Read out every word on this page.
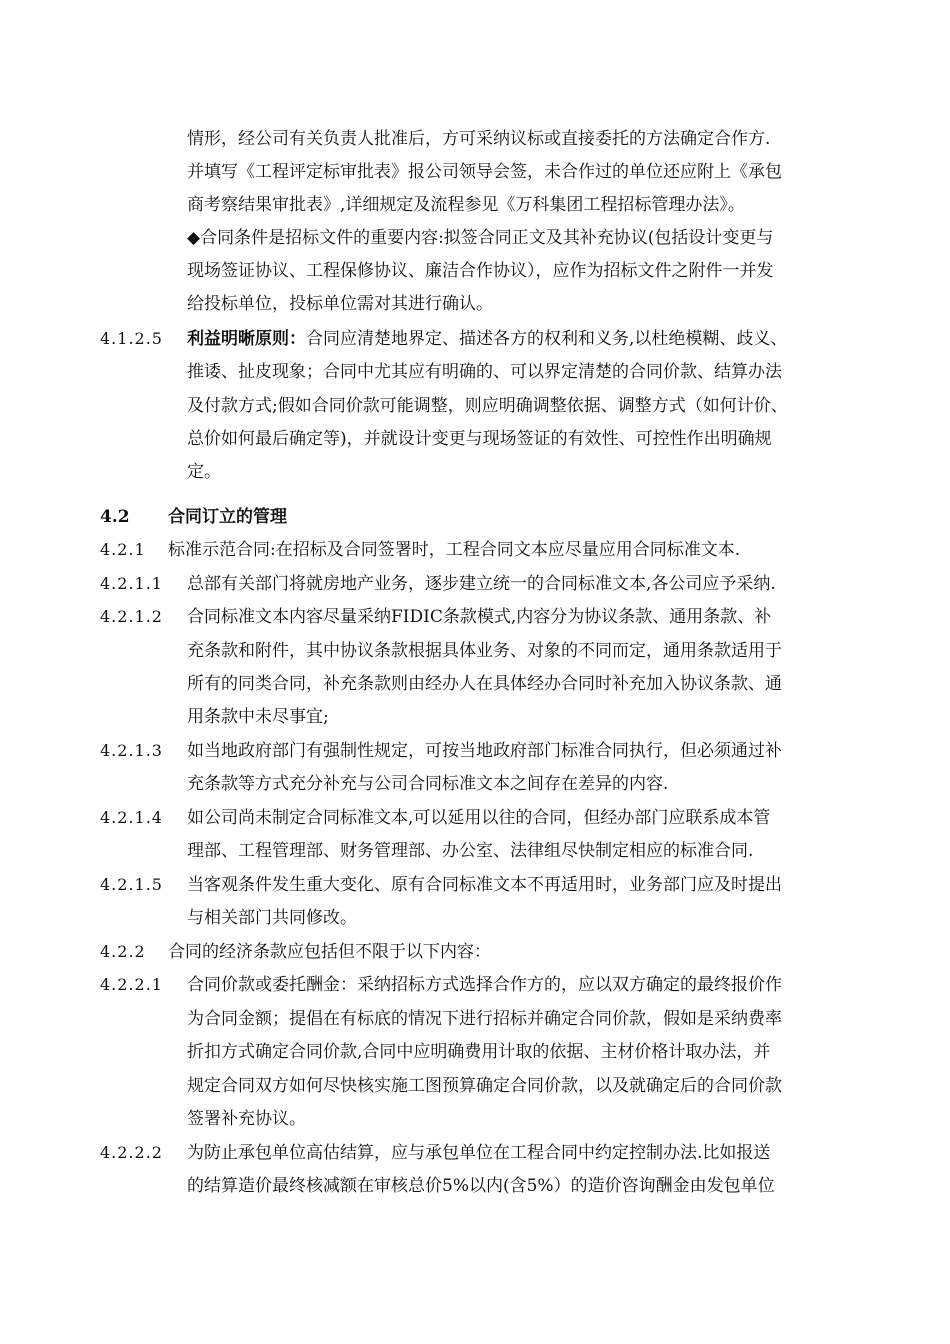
情形，经公司有关负责人批准后，方可采纳议标或直接委托的方法确定合作方.
并填写《工程评定标审批表》报公司领导会签，未合作过的单位还应附上《承包
商考察结果审批表》,详细规定及流程参见《万科集团工程招标管理办法》。
◆合同条件是招标文件的重要内容:拟签合同正文及其补充协议(包括设计变更与
现场签证协议、工程保修协议、廉洁合作协议），应作为招标文件之附件一并发
给投标单位，投标单位需对其进行确认。
4.1.2.5 利益明晰原则：合同应清楚地界定、描述各方的权利和义务,以杜绝模糊、歧义、
推诿、扯皮现象；合同中尤其应有明确的、可以界定清楚的合同价款、结算办法
及付款方式;假如合同价款可能调整，则应明确调整依据、调整方式（如何计价、
总价如何最后确定等)，并就设计变更与现场签证的有效性、可控性作出明确规
定。
4.2 合同订立的管理
4.2.1 标准示范合同:在招标及合同签署时，工程合同文本应尽量应用合同标准文本.
4.2.1.1 总部有关部门将就房地产业务，逐步建立统一的合同标准文本,各公司应予采纳.
4.2.1.2 合同标准文本内容尽量采纳FIDIC条款模式,内容分为协议条款、通用条款、补
充条款和附件，其中协议条款根据具体业务、对象的不同而定，通用条款适用于
所有的同类合同，补充条款则由经办人在具体经办合同时补充加入协议条款、通
用条款中未尽事宜;
4.2.1.3 如当地政府部门有强制性规定，可按当地政府部门标准合同执行，但必须通过补
充条款等方式充分补充与公司合同标准文本之间存在差异的内容.
4.2.1.4 如公司尚未制定合同标准文本,可以延用以往的合同，但经办部门应联系成本管
理部、工程管理部、财务管理部、办公室、法律组尽快制定相应的标准合同.
4.2.1.5 当客观条件发生重大变化、原有合同标准文本不再适用时，业务部门应及时提出
与相关部门共同修改。
4.2.2 合同的经济条款应包括但不限于以下内容：
4.2.2.1 合同价款或委托酬金：采纳招标方式选择合作方的，应以双方确定的最终报价作
为合同金额；提倡在有标底的情况下进行招标并确定合同价款，假如是采纳费率
折扣方式确定合同价款,合同中应明确费用计取的依据、主材价格计取办法，并
规定合同双方如何尽快核实施工图预算确定合同价款，以及就确定后的合同价款
签署补充协议。
4.2.2.2 为防止承包单位高估结算，应与承包单位在工程合同中约定控制办法.比如报送
的结算造价最终核减额在审核总价5%以内(含5%）的造价咨询酬金由发包单位
